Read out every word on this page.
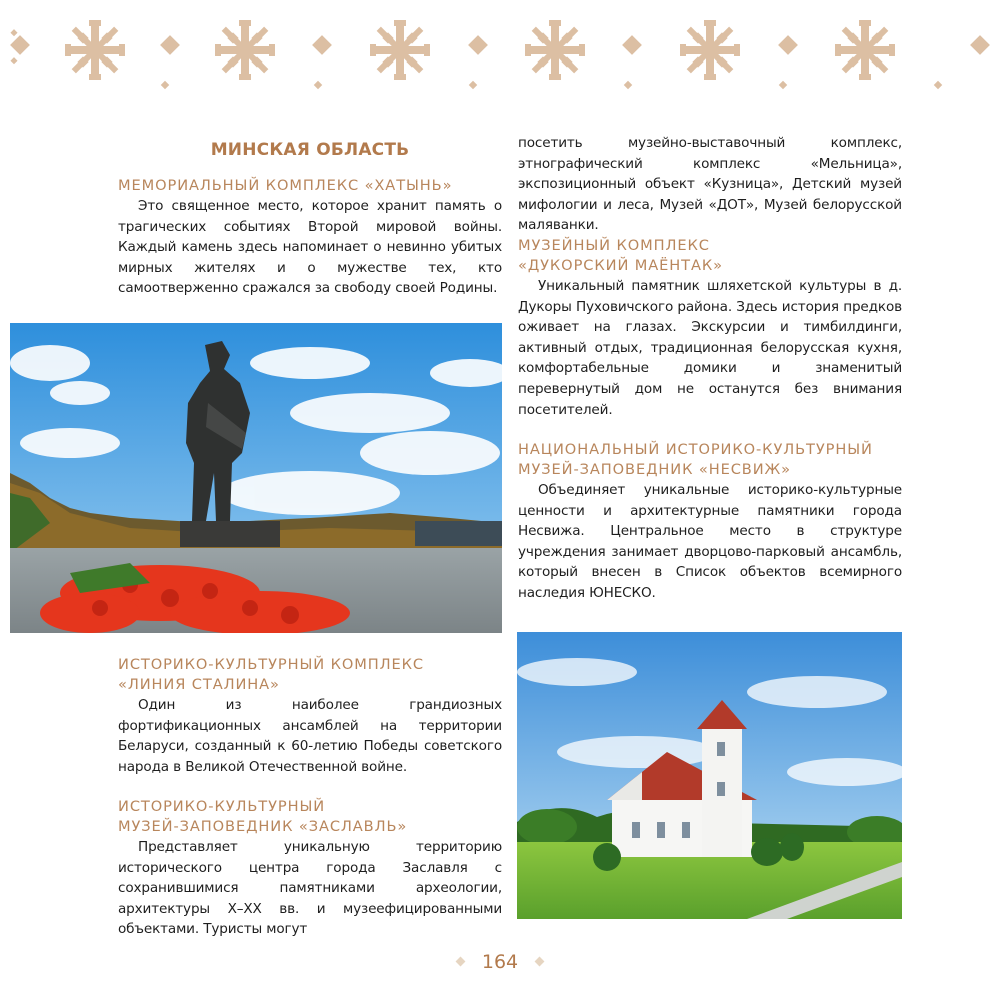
МИНСКАЯ ОБЛАСТЬ
МЕМОРИАЛЬНЫЙ КОМПЛЕКС «ХАТЫНЬ»
Это священное место, которое хранит память о трагических событиях Второй мировой войны. Каждый камень здесь напоминает о невинно убитых мирных жителях и о мужестве тех, кто самоотверженно сражался за свободу своей Родины.
ИСТОРИКО-КУЛЬТУРНЫЙ КОМПЛЕКС
«ЛИНИЯ СТАЛИНА»
Один из наиболее грандиозных фортификационных ансамблей на территории Беларуси, созданный к 60-летию Победы советского народа в Великой Отечественной войне.
ИСТОРИКО-КУЛЬТУРНЫЙ
МУЗЕЙ-ЗАПОВЕДНИК «ЗАСЛАВЛЬ»
Представляет уникальную территорию исторического центра города Заславля с сохранившимися памятниками археологии, архитектуры X–XX вв. и музеефицированными объектами. Туристы могут
посетить музейно-выставочный комплекс, этнографический комплекс «Мельница», экспозиционный объект «Кузница», Детский музей мифологии и леса, Музей «ДОТ», Музей белорусской маляванки.
МУЗЕЙНЫЙ КОМПЛЕКС
«ДУКОРСКИЙ МАЁНТАК»
Уникальный памятник шляхетской культуры в д. Дукоры Пуховичского района. Здесь история предков оживает на глазах. Экскурсии и тимбилдинги, активный отдых, традиционная белорусская кухня, комфортабельные домики и знаменитый перевернутый дом не останутся без внимания посетителей.
НАЦИОНАЛЬНЫЙ ИСТОРИКО-КУЛЬТУРНЫЙ
МУЗЕЙ-ЗАПОВЕДНИК «НЕСВИЖ»
Объединяет уникальные историко-культурные ценности и архитектурные памятники города Несвижа. Центральное место в структуре учреждения занимает дворцово-парковый ансамбль, который внесен в Список объектов всемирного наследия ЮНЕСКО.
164
